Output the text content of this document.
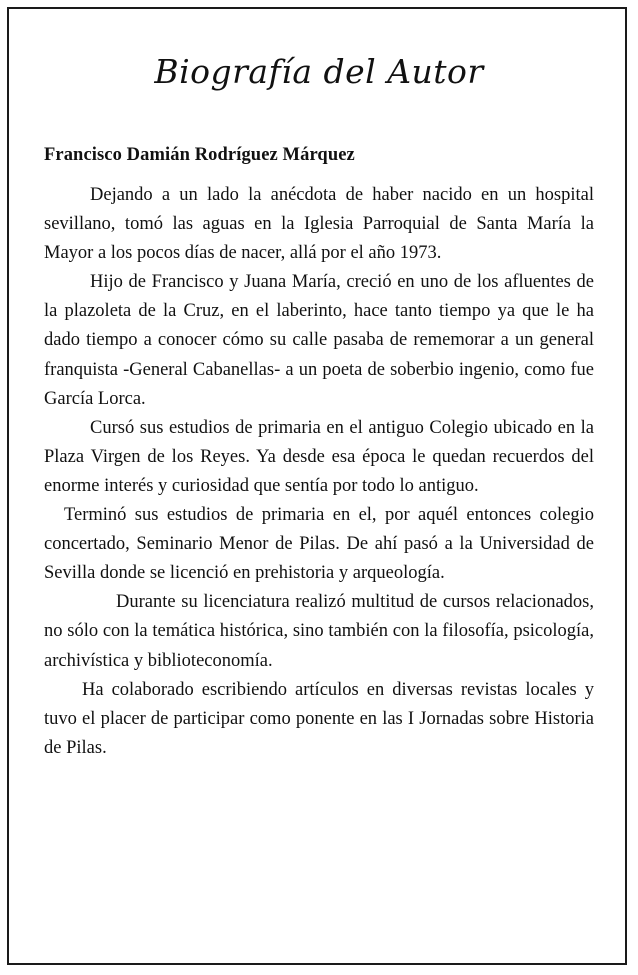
Biografía del Autor
Francisco Damián Rodríguez Márquez

Dejando a un lado la anécdota de haber nacido en un hospital sevillano, tomó las aguas en la Iglesia Parroquial de Santa María la Mayor a los pocos días de nacer, allá por el año 1973.

Hijo de Francisco y Juana María, creció en uno de los afluentes de la plazoleta de la Cruz, en el laberinto, hace tanto tiempo ya que le ha dado tiempo a conocer cómo su calle pasaba de rememorar a un general franquista -General Cabanellas- a un poeta de soberbio ingenio, como fue García Lorca.

Cursó sus estudios de primaria en el antiguo Colegio ubicado en la Plaza Virgen de los Reyes. Ya desde esa época le quedan recuerdos del enorme interés y curiosidad que sentía por todo lo antiguo.

Terminó sus estudios de primaria en el, por aquél entonces colegio concertado, Seminario Menor de Pilas. De ahí pasó a la Universidad de Sevilla donde se licenció en prehistoria y arqueología.

Durante su licenciatura realizó multitud de cursos relacionados, no sólo con la temática histórica, sino también con la filosofía, psicología, archivística y biblioteconomía.

Ha colaborado escribiendo artículos en diversas revistas locales y tuvo el placer de participar como ponente en las I Jornadas sobre Historia de Pilas.
